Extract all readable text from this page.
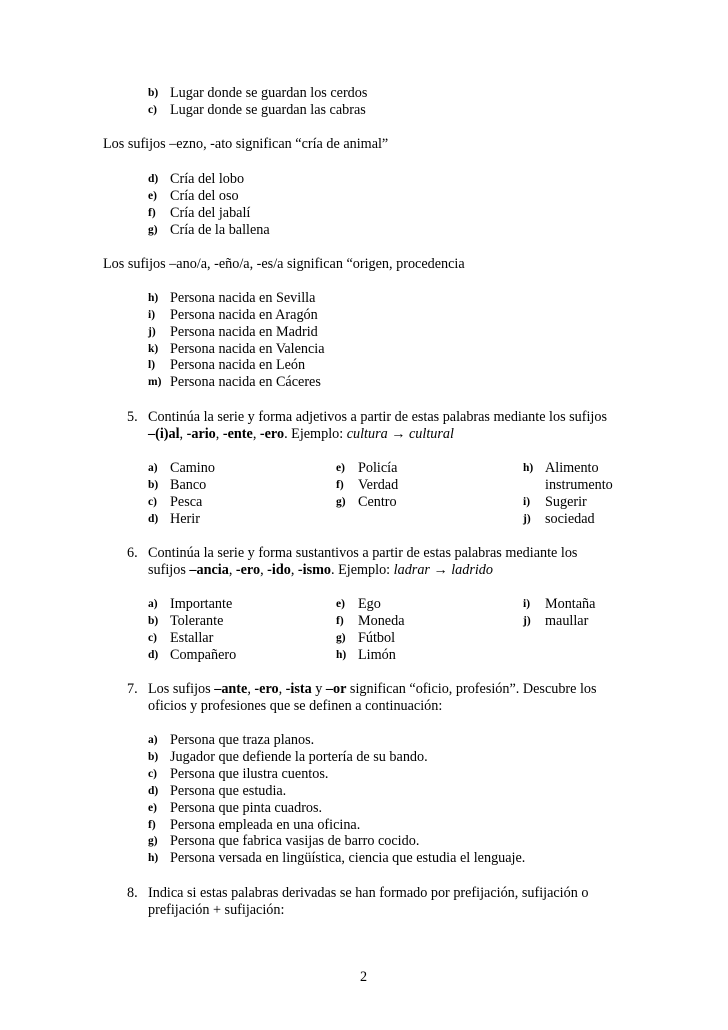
b) Lugar donde se guardan los cerdos
c) Lugar donde se guardan las cabras
Los sufijos –ezno, -ato significan “cría de animal”
d) Cría del lobo
e) Cría del oso
f) Cría del jabalí
g) Cría de la ballena
Los sufijos –ano/a, -eño/a, -es/a significan “origen, procedencia
h) Persona nacida en Sevilla
i) Persona nacida en Aragón
j) Persona nacida en Madrid
k) Persona nacida en Valencia
l) Persona nacida en León
m) Persona nacida en Cáceres
5. Continúa la serie y forma adjetivos a partir de estas palabras mediante los sufijos
–(i)al, -ario, -ente, -ero. Ejemplo: cultura → cultural
a) Camino
b) Banco
c) Pesca
d) Herir
e) Policía
f) Verdad
g) Centro
h) Alimento
instrumento
i) Sugerir
j) sociedad
6. Continúa la serie y forma sustantivos a partir de estas palabras mediante los
sufijos –ancia, -ero, -ido, -ismo. Ejemplo: ladrar → ladrido
a) Importante
b) Tolerante
c) Estallar
d) Compañero
e) Ego
f) Moneda
g) Fútbol
h) Limón
i) Montaña
j) maullar
7. Los sufijos –ante, -ero, -ista y –or significan “oficio, profesión”. Descubre los
oficios y profesiones que se definen a continuación:
a) Persona que traza planos.
b) Jugador que defiende la portería de su bando.
c) Persona que ilustra cuentos.
d) Persona que estudia.
e) Persona que pinta cuadros.
f) Persona empleada en una oficina.
g) Persona que fabrica vasijas de barro cocido.
h) Persona versada en lingüística, ciencia que estudia el lenguaje.
8. Indica si estas palabras derivadas se han formado por prefijación, sufijación o
prefijación + sufijación:
2
